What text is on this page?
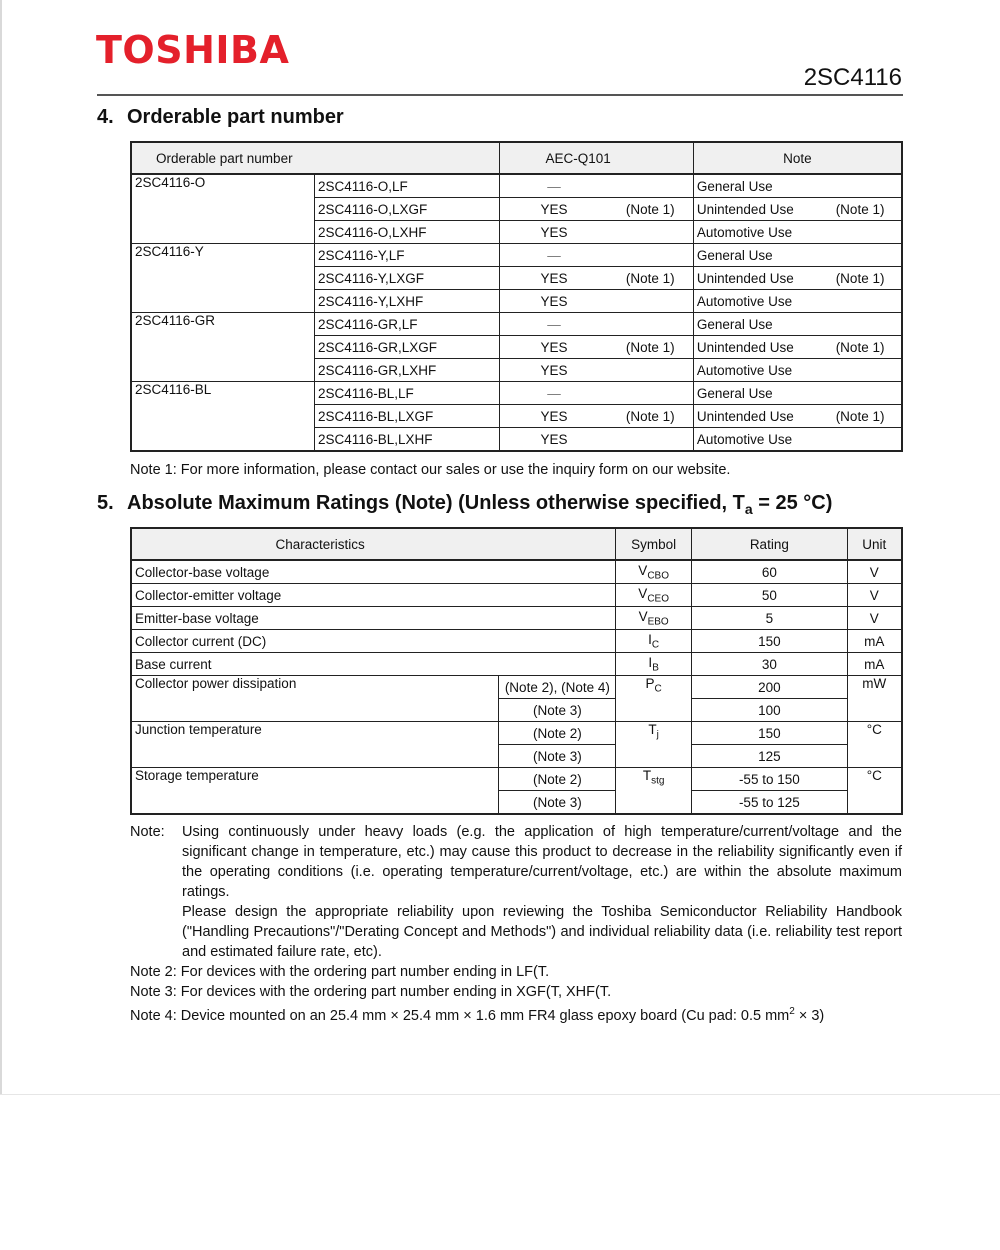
TOSHIBA
2SC4116
4. Orderable part number
Orderable part number		AEC-Q101		Note	
2SC4116-O	2SC4116-O,LF	—		General Use	
	2SC4116-O,LXGF	YES	(Note 1)	Unintended Use	(Note 1)
	2SC4116-O,LXHF	YES		Automotive Use	
2SC4116-Y	2SC4116-Y,LF	—		General Use	
	2SC4116-Y,LXGF	YES	(Note 1)	Unintended Use	(Note 1)
	2SC4116-Y,LXHF	YES		Automotive Use	
2SC4116-GR	2SC4116-GR,LF	—		General Use	
	2SC4116-GR,LXGF	YES	(Note 1)	Unintended Use	(Note 1)
	2SC4116-GR,LXHF	YES		Automotive Use	
2SC4116-BL	2SC4116-BL,LF	—		General Use	
	2SC4116-BL,LXGF	YES	(Note 1)	Unintended Use	(Note 1)
	2SC4116-BL,LXHF	YES		Automotive Use	
Note 1: For more information, please contact our sales or use the inquiry form on our website.
5. Absolute Maximum Ratings (Note) (Unless otherwise specified, $T_a = 25$ °C)
Characteristics		Symbol	Rating	Unit
Collector-base voltage		$V_{CBO}$	60	V
Collector-emitter voltage		$V_{CEO}$	50	V
Emitter-base voltage		$V_{EBO}$	5	V
Collector current (DC)		$I_C$	150	mA
Base current		$I_B$	30	mA
Collector power dissipation	(Note 2), (Note 4)	$P_C$	200	mW
	(Note 3)		100	
Junction temperature	(Note 2)	$T_j$	150	°C
	(Note 3)		125	
Storage temperature	(Note 2)	$T_{stg}$	-55 to 150	°C
	(Note 3)		-55 to 125	
Note: Using continuously under heavy loads (e.g. the application of high temperature/current/voltage and the significant change in temperature, etc.) may cause this product to decrease in the reliability significantly even if the operating conditions (i.e. operating temperature/current/voltage, etc.) are within the absolute maximum ratings.
Please design the appropriate reliability upon reviewing the Toshiba Semiconductor Reliability Handbook ("Handling Precautions"/"Derating Concept and Methods") and individual reliability data (i.e. reliability test report and estimated failure rate, etc).
Note 2: For devices with the ordering part number ending in LF(T.
Note 3: For devices with the ordering part number ending in XGF(T, XHF(T.
Note 4: Device mounted on an 25.4 mm × 25.4 mm × 1.6 mm FR4 glass epoxy board (Cu pad: 0.5 $mm^2 \times 3$)
